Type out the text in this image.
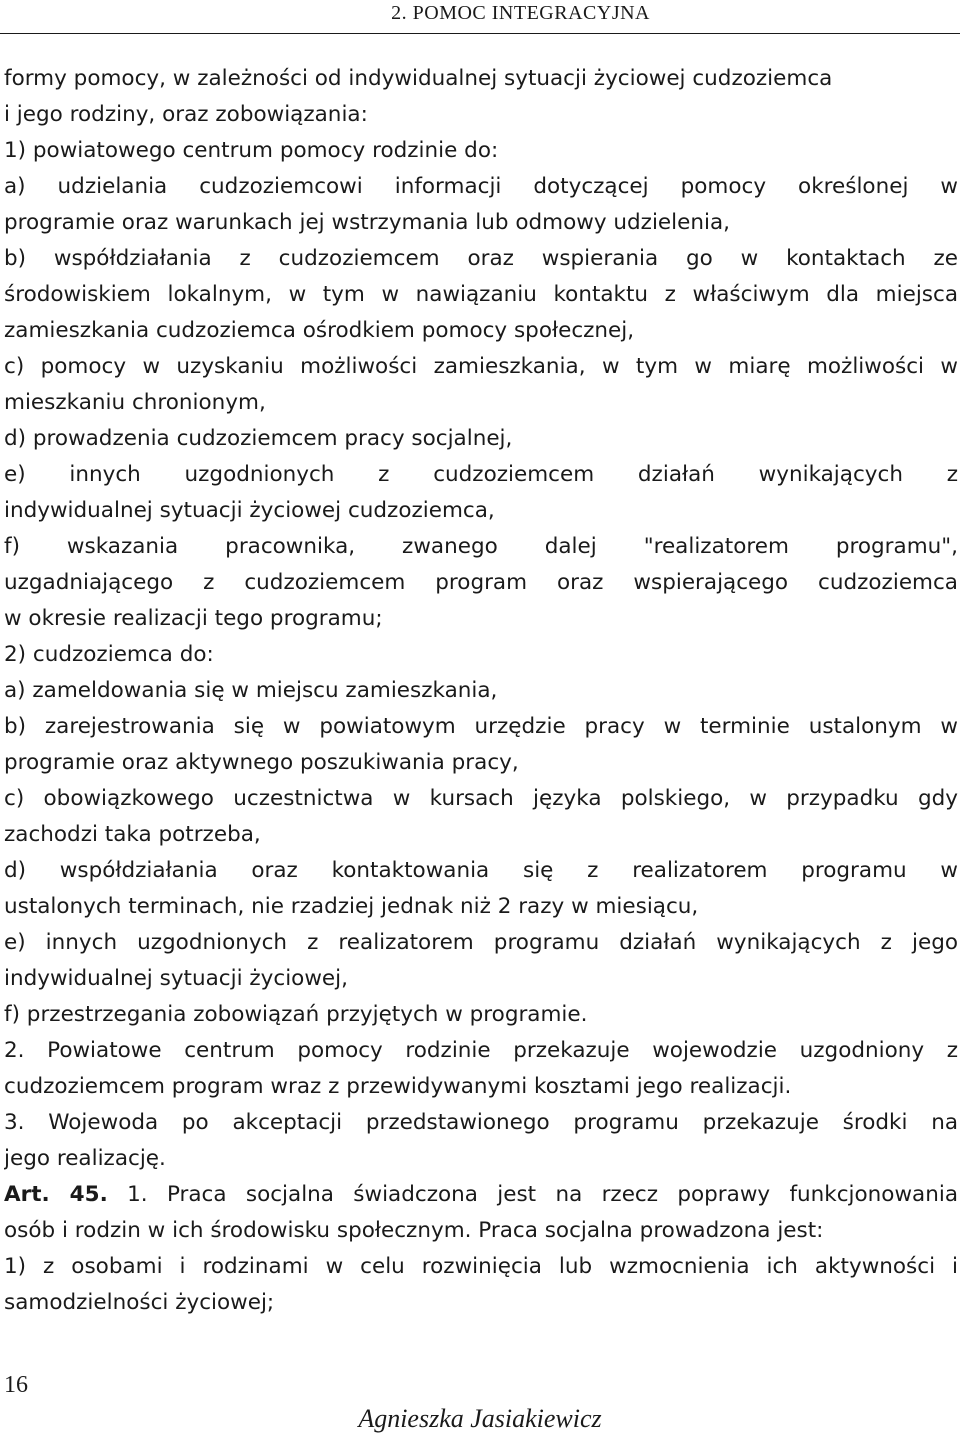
2. POMOC INTEGRACYJNA
formy pomocy, w zależności od indywidualnej sytuacji życiowej cudzoziemca
i jego rodziny, oraz zobowiązania:
1) powiatowego centrum pomocy rodzinie do:
a) udzielania cudzoziemcowi informacji dotyczącej pomocy określonej w
programie oraz warunkach jej wstrzymania lub odmowy udzielenia,
b) współdziałania z cudzoziemcem oraz wspierania go w kontaktach ze
środowiskiem lokalnym, w tym w nawiązaniu kontaktu z właściwym dla miejsca
zamieszkania cudzoziemca ośrodkiem pomocy społecznej,
c) pomocy w uzyskaniu możliwości zamieszkania, w tym w miarę możliwości w
mieszkaniu chronionym,
d) prowadzenia cudzoziemcem pracy socjalnej,
e) innych uzgodnionych z cudzoziemcem działań wynikających z
indywidualnej sytuacji życiowej cudzoziemca,
f) wskazania pracownika, zwanego dalej "realizatorem programu",
uzgadniającego z cudzoziemcem program oraz wspierającego cudzoziemca
w okresie realizacji tego programu;
2) cudzoziemca do:
a) zameldowania się w miejscu zamieszkania,
b) zarejestrowania się w powiatowym urzędzie pracy w terminie ustalonym w
programie oraz aktywnego poszukiwania pracy,
c) obowiązkowego uczestnictwa w kursach języka polskiego, w przypadku gdy
zachodzi taka potrzeba,
d) współdziałania oraz kontaktowania się z realizatorem programu w
ustalonych terminach, nie rzadziej jednak niż 2 razy w miesiącu,
e) innych uzgodnionych z realizatorem programu działań wynikających z jego
indywidualnej sytuacji życiowej,
f) przestrzegania zobowiązań przyjętych w programie.
2. Powiatowe centrum pomocy rodzinie przekazuje wojewodzie uzgodniony z
cudzoziemcem program wraz z przewidywanymi kosztami jego realizacji.
3. Wojewoda po akceptacji przedstawionego programu przekazuje środki na
jego realizację.
Art. 45. 1. Praca socjalna świadczona jest na rzecz poprawy funkcjonowania
osób i rodzin w ich środowisku społecznym. Praca socjalna prowadzona jest:
1) z osobami i rodzinami w celu rozwinięcia lub wzmocnienia ich aktywności i
samodzielności życiowej;
16
Agnieszka Jasiakiewicz
